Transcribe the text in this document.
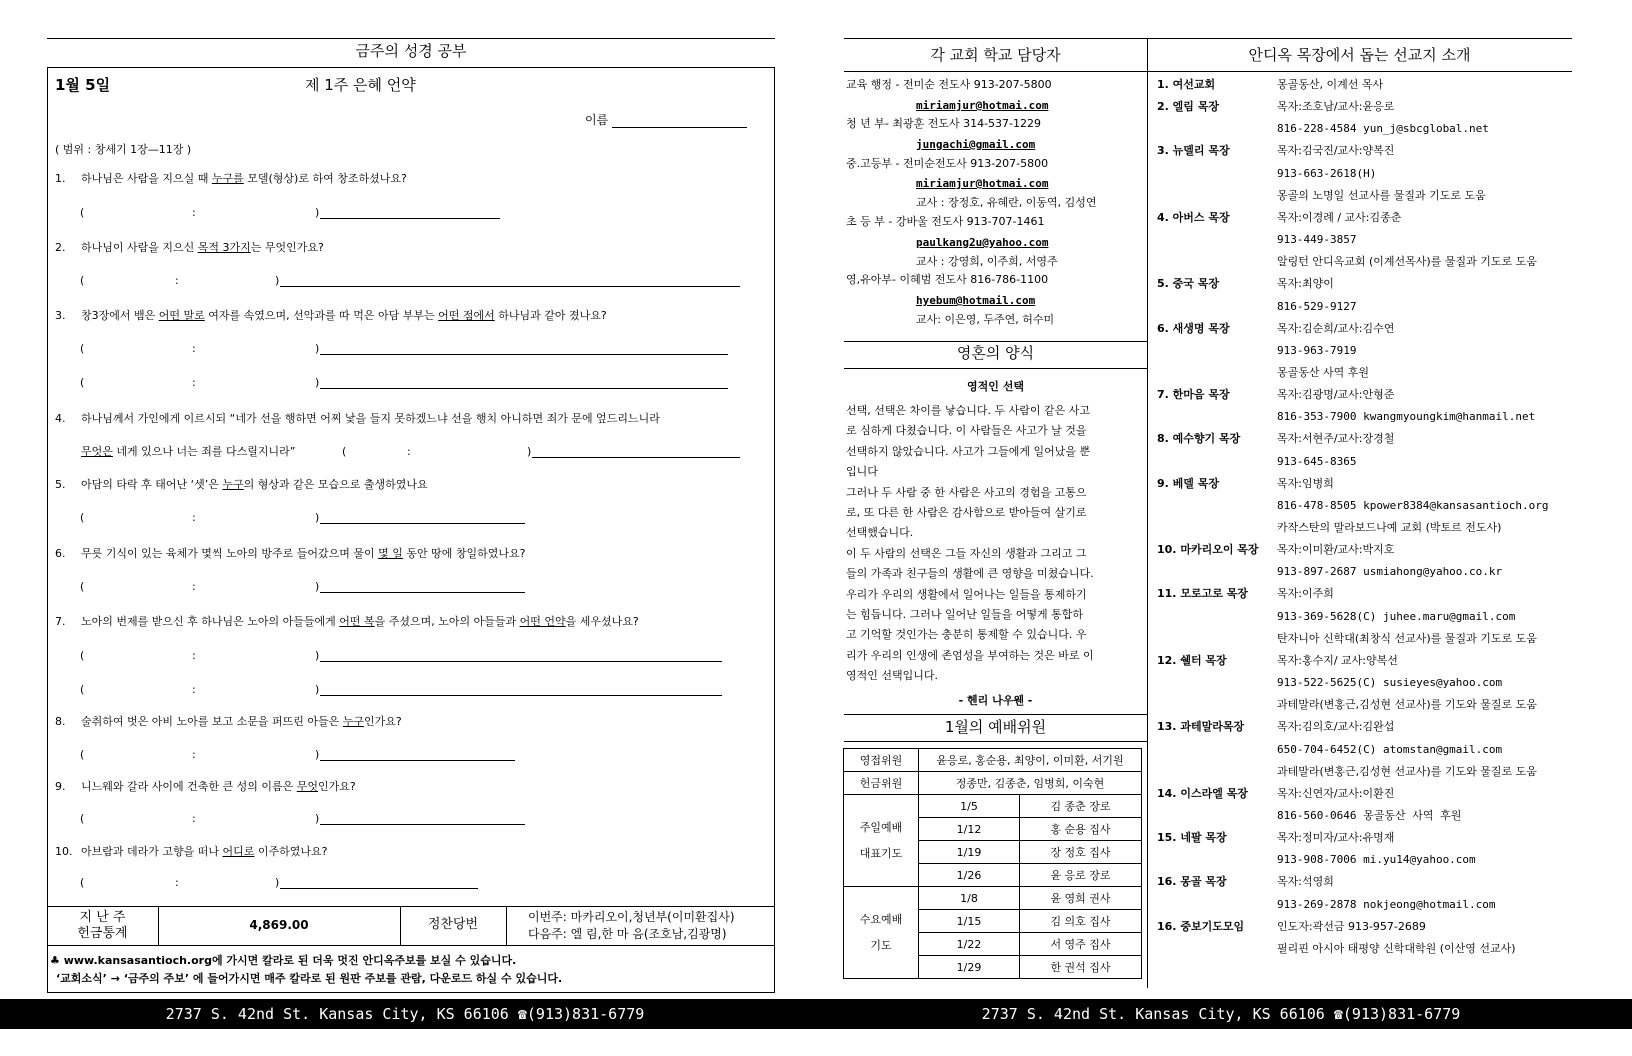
금주의 성경 공부
1월 5일	제 1주 은혜 언약
이름
( 범위 : 창세기 1장—11장 )
1. 하나님은 사람을 지으실 때 누구를 모델(형상)로 하여 창조하셨나요?
(	:	)
2. 하나님이 사람을 지으신 목적 3가지는 무엇인가요?
(	:	)
3. 창3장에서 뱀은 어떤 말로 여자를 속였으며, 선악과를 따 먹은 아담 부부는 어떤 점에서 하나님과 같아 졌나요?
(	:	)
(	:	)
4. 하나님께서 가인에게 이르시되 “네가 선을 행하면 어찌 낯을 들지 못하겠느냐 선을 행치 아니하면 죄가 문에 엎드리느니라
무엇은 네게 있으나 너는 죄를 다스릴지니라”	(	:	)
5. 아담의 타락 후 태어난 ‘셋’은 누구의 형상과 같은 모습으로 출생하였나요
(	:	)
6. 무릇 기식이 있는 육체가 몇씩 노아의 방주로 들어갔으며 물이 몇 일 동안 땅에 창일하였나요?
(	:	)
7. 노아의 번제를 받으신 후 하나님은 노아의 아들들에게 어떤 복을 주셨으며, 노아의 아들들과 어떤 언약을 세우셨나요?
(	:	)
(	:	)
8. 술취하여 벗은 아비 노아를 보고 소문을 퍼뜨린 아들은 누구인가요?
(	:	)
9. 니느웨와 갈라 사이에 건축한 큰 성의 이름은 무엇인가요?
(	:	)
10. 아브람과 데라가 고향을 떠나 어디로 이주하였나요?
(	:	)
지 난 주
헌금통계
4,869.00	정찬당번	이번주: 마카리오이,청년부(이미환집사)
다음주: 엘 림,한 마 음(조호남,김광명)
♣ www.kansasantioch.org에 가시면 칼라로 된 더욱 멋진 안디옥주보를 보실 수 있습니다.
‘교회소식’ → ‘금주의 주보’ 에 들어가시면 매주 칼라로 된 원판 주보를 관람, 다운로드 하실 수 있습니다.
2737 S. 42nd St. Kansas City, KS 66106 ☎(913)831-6779
각 교회 학교 담당자
교육 행정 - 전미순 전도사 913-207-5800
miriamjur@hotmai.com
청 년 부- 최광훈 전도사 314-537-1229
jungachi@gmail.com
중.고등부 - 전미순전도사 913-207-5800
miriamjur@hotmai.com
교사 : 장정호, 유혜란, 이동역, 김성연
초 등 부 - 강바울 전도사 913-707-1461
paulkang2u@yahoo.com
교사 : 강영희, 이주희, 서영주
영,유아부- 이혜범 전도사 816-786-1100
hyebum@hotmail.com
교사: 이은영, 두주연, 허수미
영혼의 양식
영적인 선택
선택, 선택은 차이를 낳습니다. 두 사람이 같은 사고
로 심하게 다쳤습니다. 이 사람들은 사고가 날 것을
선택하지 않았습니다. 사고가 그들에게 일어났을 뿐
입니다
그러나 두 사람 중 한 사람은 사고의 경험을 고통으
로, 또 다른 한 사람은 감사함으로 받아들여 살기로
선택했습니다.
이 두 사람의 선택은 그들 자신의 생활과 그리고 그
들의 가족과 친구들의 생활에 큰 영향을 미쳤습니다.
우리가 우리의 생활에서 일어나는 일들을 통제하기
는 힘듭니다. 그러나 일어난 일들을 어떻게 통합하
고 기억할 것인가는 충분히 통제할 수 있습니다. 우
리가 우리의 인생에 존엄성을 부여하는 것은 바로 이
영적인 선택입니다.
- 헨리 나우웬 -
1월의 예배위원
영접위원	윤응로, 홍순용, 최양이, 이미환, 서기원	
헌금위원	정종만, 김종춘, 임병희, 이숙현	
주일예배
대표기도	1/5	김 종춘 장로
	1/12	홍 순용 집사
	1/19	장 정호 집사
	1/26	윤 응로 장로
수요예배
기도	1/8	윤 영희 권사
	1/15	김 의호 집사
	1/22	서 영주 집사
	1/29	한 권석 집사
안디옥 목장에서 돕는 선교지 소개
1. 여선교회	몽골동산, 이계선 목사
2. 엘림 목장	목자:조호남/교사:윤응로
816-228-4584 yun_j@sbcglobal.net
3. 뉴델리 목장	목자:김국진/교사:양복진
913-663-2618(H)
몽골의 노명일 선교사를 물질과 기도로 도움
4. 아버스 목장	목자:이경례 / 교사:김종춘
913-449-3857
알링턴 안디옥교회 (이계선목사)를 물질과 기도로 도움
5. 중국 목장	목자:최양이
816-529-9127
6. 새생명 목장	목자:김순희/교사:김수연
913-963-7919
몽골동산 사역 후원
7. 한마음 목장	목자:김광명/교사:안형준
816-353-7900 kwangmyoungkim@hanmail.net
8. 예수향기 목장	목자:서현주/교사:장경철
913-645-8365
9. 베델 목장	목자:임병희
816-478-8505 kpower8384@kansasantioch.org
카작스탄의 말라보드나예 교회 (박토르 전도사)
10. 마카리오이 목장 목자:이미환/교사:박지호
913-897-2687 usmiahong@yahoo.co.kr
11. 모로고로 목장	목자:이주희
913-369-5628(C) juhee.maru@gmail.com
탄자니아 신학대(최창식 선교사)를 물질과 기도로 도움
12. 쉘터 목장	목자:홍수지/ 교사:양복선
913-522-5625(C) susieyes@yahoo.com
과테말라(변홍근,김성현 선교사)를 기도와 물질로 도움
13. 과테말라목장	목자:김의호/교사:김완섭
650-704-6452(C) atomstan@gmail.com
과테말라(변홍근,김성현 선교사)를 기도와 물질로 도움
14. 이스라엘 목장	목자:신연자/교사:이환진
816-560-0646 몽골동산 사역 후원
15. 네팔 목장	목자:정미자/교사:유명재
913-908-7006 mi.yu14@yahoo.com
16. 몽골 목장	목자:석영희
913-269-2878 nokjeong@hotmail.com
16. 중보기도모임	인도자:곽선금 913-957-2689
필리핀 아시아 태평양 신학대학원 (이산영 선교사)
2737 S. 42nd St. Kansas City, KS 66106 ☎(913)831-6779
